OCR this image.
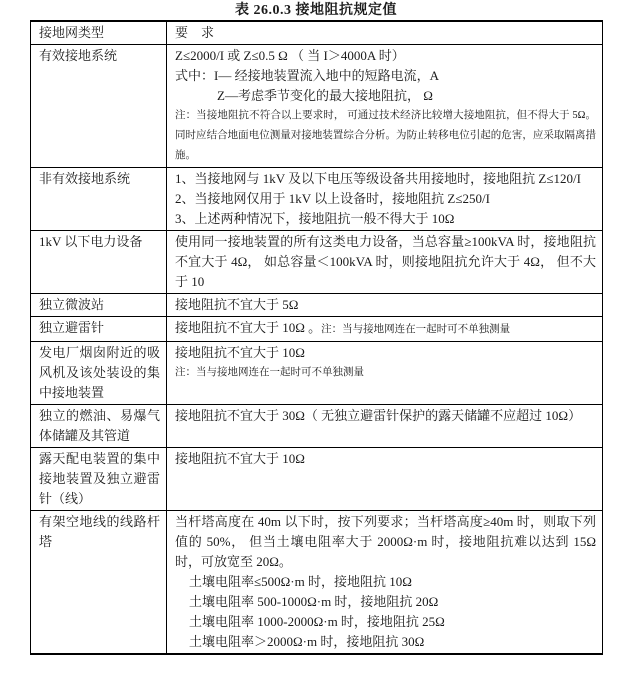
表 26.0.3 接地阻抗规定值
接地网类型	要　求
有效接地系统	Z≤2000/I 或 Z≤0.5 Ω （ 当 I＞4000A 时）
式中：I— 经接地装置流入地中的短路电流，A
Z—考虑季节变化的最大接地阻抗， Ω
注：当接地阻抗不符合以上要求时， 可通过技术经济比较增大接地阻抗，但不得大于 5Ω。同时应结合地面电位测量对接地装置综合分析。为防止转移电位引起的危害，应采取隔离措施。

非有效接地系统	1、当接地网与 1kV 及以下电压等级设备共用接地时，接地阻抗 Z≤120/I
2、当接地网仅用于 1kV 以上设备时，接地阻抗 Z≤250/I
3、上述两种情况下，接地阻抗一般不得大于 10Ω

1kV 以下电力设备	使用同一接地装置的所有这类电力设备，当总容量≥100kVA 时，接地阻抗不宜大于 4Ω， 如总容量＜100kVA 时，则接地阻抗允许大于 4Ω， 但不大于 10

独立微波站	接地阻抗不宜大于 5Ω

独立避雷针	接地阻抗不宜大于 10Ω 。注：当与接地网连在一起时可不单独测量

发电厂烟囱附近的吸风机及该处装设的集中接地装置	接地阻抗不宜大于 10Ω
注：当与接地网连在一起时可不单独测量

独立的燃油、易爆气体储罐及其管道	接地阻抗不宜大于 30Ω（ 无独立避雷针保护的露天储罐不应超过 10Ω）

露天配电装置的集中接地装置及独立避雷针（线）	接地阻抗不宜大于 10Ω

有架空地线的线路杆塔	当杆塔高度在 40m 以下时，按下列要求；当杆塔高度≥40m 时，则取下列值的 50%， 但当土壤电阻率大于 2000Ω·m 时，接地阻抗难以达到 15Ω 时，可放宽至 20Ω。
土壤电阻率≤500Ω·m 时，接地阻抗 10Ω
土壤电阻率 500-1000Ω·m 时，接地阻抗 20Ω
土壤电阻率 1000-2000Ω·m 时，接地阻抗 25Ω
土壤电阻率＞2000Ω·m 时，接地阻抗 30Ω
